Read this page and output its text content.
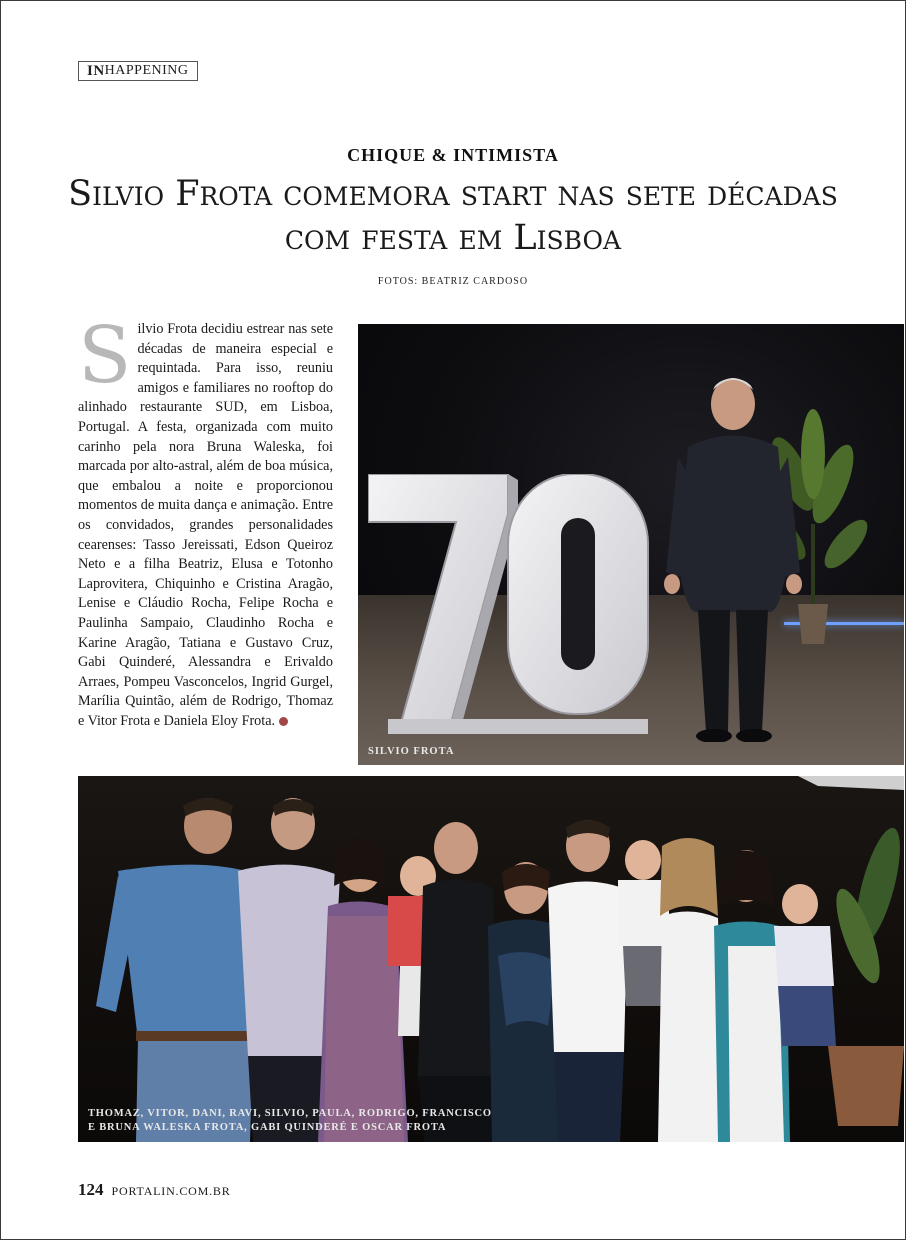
IN HAPPENING
CHIQUE & INTIMISTA
Silvio Frota comemora start nas sete décadas com festa em Lisboa
FOTOS: BEATRIZ CARDOSO

Silvio Frota decidiu estrear nas sete décadas de maneira especial e requintada. Para isso, reuniu amigos e familiares no rooftop do alinhado restaurante SUD, em Lisboa, Portugal. A festa, organizada com muito carinho pela nora Bruna Waleska, foi marcada por alto-astral, além de boa música, que embalou a noite e proporcionou momentos de muita dança e animação. Entre os convidados, grandes personalidades cearenses: Tasso Jereissati, Edson Queiroz Neto e a filha Beatriz, Elusa e Totonho Laprovitera, Chiquinho e Cristina Aragão, Lenise e Cláudio Rocha, Felipe Rocha e Paulinha Sampaio, Claudinho Rocha e Karine Aragão, Tatiana e Gustavo Cruz, Gabi Quinderé, Alessandra e Erivaldo Arraes, Pompeu Vasconcelos, Ingrid Gurgel, Marília Quintão, além de Rodrigo, Thomaz e Vitor Frota e Daniela Eloy Frota.

SILVIO FROTA
THOMAZ, VITOR, DANI, RAVI, SILVIO, PAULA, RODRIGO, FRANCISCO
E BRUNA WALESKA FROTA, GABI QUINDERÉ E OSCAR FROTA
124 PORTALIN.COM.BR
